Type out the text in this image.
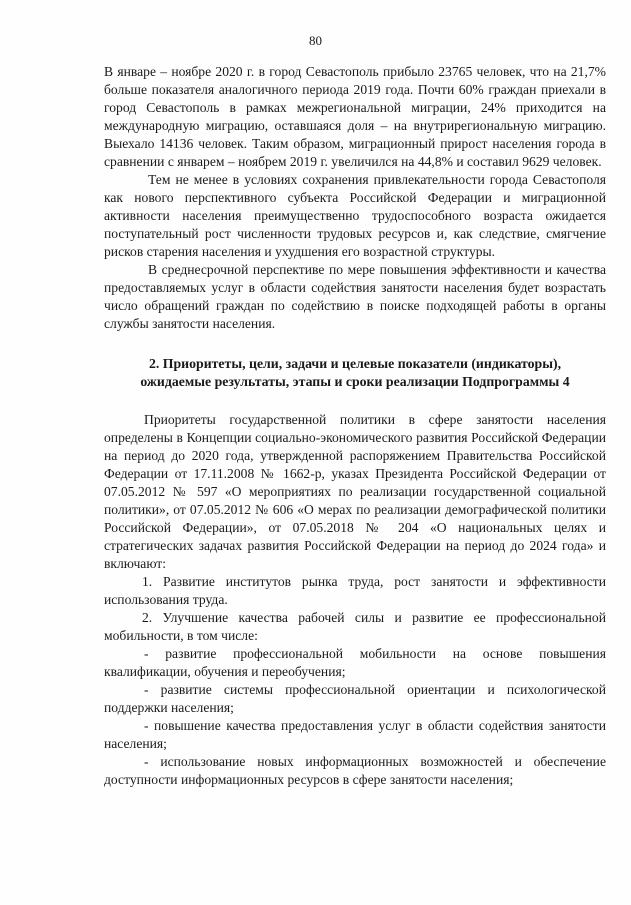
80

В январе – ноябре 2020 г. в город Севастополь прибыло 23765 человек, что на 21,7% больше показателя аналогичного периода 2019 года. Почти 60% граждан приехали в город Севастополь в рамках межрегиональной миграции, 24% приходится на международную миграцию, оставшаяся доля – на внутрирегиональную миграцию. Выехало 14136 человек. Таким образом, миграционный прирост населения города в сравнении с январем – ноябрем 2019 г. увеличился на 44,8% и составил 9629 человек.

Тем не менее в условиях сохранения привлекательности города Севастополя как нового перспективного субъекта Российской Федерации и миграционной активности населения преимущественно трудоспособного возраста ожидается поступательный рост численности трудовых ресурсов и, как следствие, смягчение рисков старения населения и ухудшения его возрастной структуры.

В среднесрочной перспективе по мере повышения эффективности и качества предоставляемых услуг в области содействия занятости населения будет возрастать число обращений граждан по содействию в поиске подходящей работы в органы службы занятости населения.

2. Приоритеты, цели, задачи и целевые показатели (индикаторы),
ожидаемые результаты, этапы и сроки реализации Подпрограммы 4

Приоритеты государственной политики в сфере занятости населения определены в Концепции социально-экономического развития Российской Федерации на период до 2020 года, утвержденной распоряжением Правительства Российской Федерации от 17.11.2008 № 1662-р, указах Президента Российской Федерации от 07.05.2012 № 597 «О мероприятиях по реализации государственной социальной политики», от 07.05.2012 № 606 «О мерах по реализации демографической политики Российской Федерации», от 07.05.2018 № 204 «О национальных целях и стратегических задачах развития Российской Федерации на период до 2024 года» и включают:

1. Развитие институтов рынка труда, рост занятости и эффективности использования труда.

2. Улучшение качества рабочей силы и развитие ее профессиональной мобильности, в том числе:

- развитие профессиональной мобильности на основе повышения квалификации, обучения и переобучения;

- развитие системы профессиональной ориентации и психологической поддержки населения;

- повышение качества предоставления услуг в области содействия занятости населения;

- использование новых информационных возможностей и обеспечение доступности информационных ресурсов в сфере занятости населения;
